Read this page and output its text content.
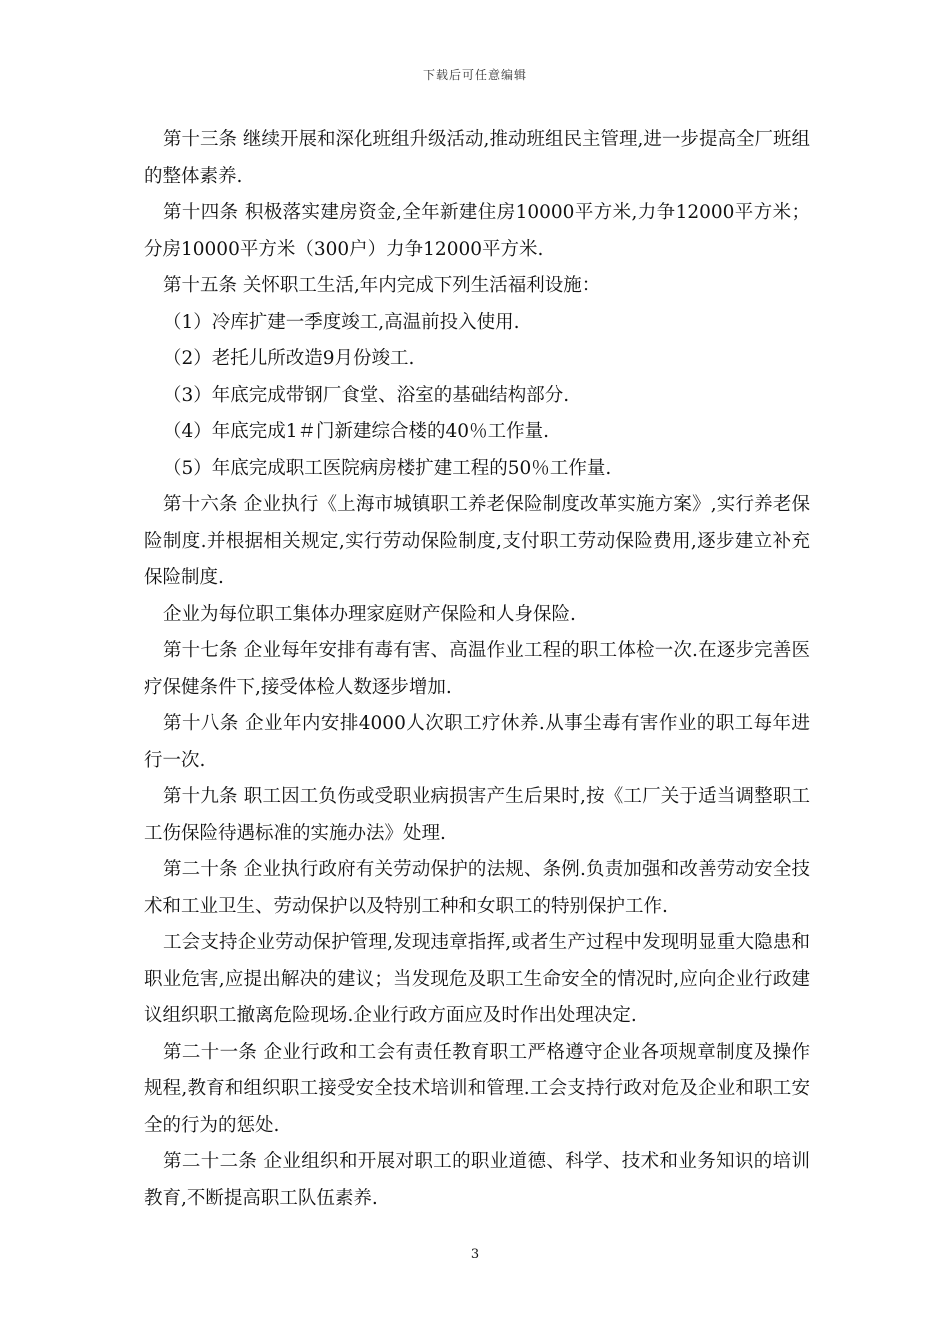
下载后可任意编辑

第十三条 继续开展和深化班组升级活动,推动班组民主管理,进一步提高全厂班组的整体素养.

第十四条 积极落实建房资金,全年新建住房10000平方米,力争12000平方米；分房10000平方米（300户）力争12000平方米.

第十五条 关怀职工生活,年内完成下列生活福利设施：

（1）冷库扩建一季度竣工,高温前投入使用.

（2）老托儿所改造9月份竣工.

（3）年底完成带钢厂食堂、浴室的基础结构部分.

（4）年底完成1＃门新建综合楼的40％工作量.

（5）年底完成职工医院病房楼扩建工程的50％工作量.

第十六条 企业执行《上海市城镇职工养老保险制度改革实施方案》,实行养老保险制度.并根据相关规定,实行劳动保险制度,支付职工劳动保险费用,逐步建立补充保险制度.

企业为每位职工集体办理家庭财产保险和人身保险.

第十七条 企业每年安排有毒有害、高温作业工程的职工体检一次.在逐步完善医疗保健条件下,接受体检人数逐步增加.

第十八条 企业年内安排4000人次职工疗休养.从事尘毒有害作业的职工每年进行一次.

第十九条 职工因工负伤或受职业病损害产生后果时,按《工厂关于适当调整职工工伤保险待遇标准的实施办法》处理.

第二十条 企业执行政府有关劳动保护的法规、条例.负责加强和改善劳动安全技术和工业卫生、劳动保护以及特别工种和女职工的特别保护工作.

工会支持企业劳动保护管理,发现违章指挥,或者生产过程中发现明显重大隐患和职业危害,应提出解决的建议；当发现危及职工生命安全的情况时,应向企业行政建议组织职工撤离危险现场.企业行政方面应及时作出处理决定.

第二十一条 企业行政和工会有责任教育职工严格遵守企业各项规章制度及操作规程,教育和组织职工接受安全技术培训和管理.工会支持行政对危及企业和职工安全的行为的惩处.

第二十二条 企业组织和开展对职工的职业道德、科学、技术和业务知识的培训教育,不断提高职工队伍素养.

3
